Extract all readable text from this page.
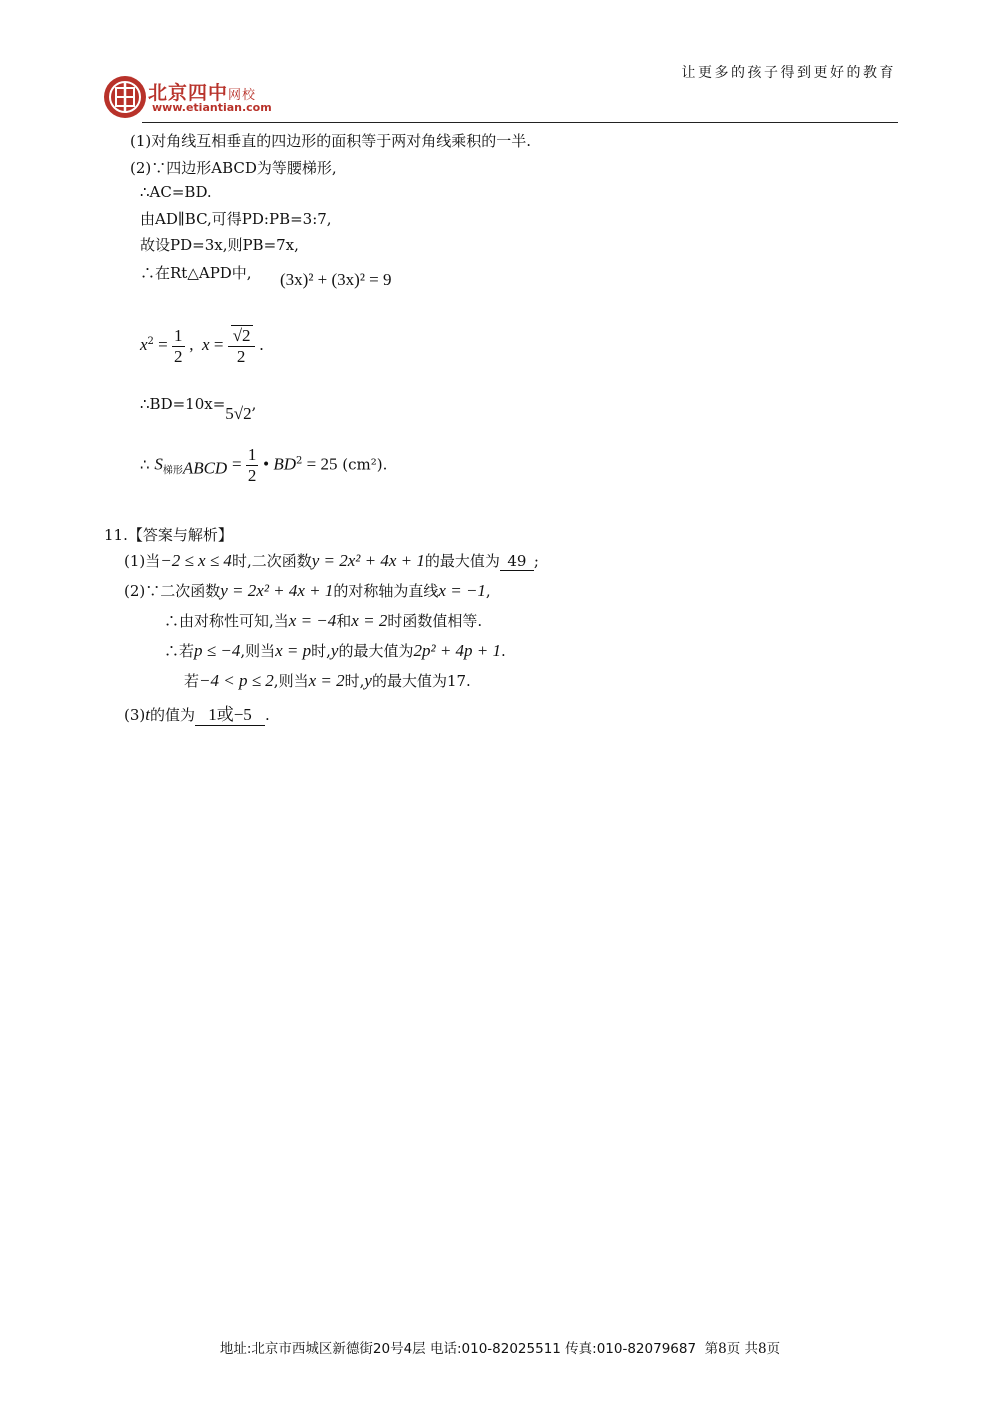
让更多的孩子得到更好的教育
北京四中网校
www.etiantian.com
(1)对角线互相垂直的四边形的面积等于两对角线乘积的一半.
(2)∵四边形ABCD为等腰梯形,
∴AC=BD.
由AD∥BC,可得PD:PB=3:7,
故设PD=3x,则PB=7x,
∴在Rt△APD中, (3x)² + (3x)² = 9
$x^2 = \frac{1}{2}$ ,  $x = \frac{√2}{2}$ .
∴BD=10x=5√2,
∴ $S_{梯形ABCD} = \frac{1}{2}$ • $BD^2 = 25$ (cm²).
11.【答案与解析】
(1)当−2 ≤ x ≤ 4时,二次函数y = 2x² + 4x + 1的最大值为 49 ;
(2)∵二次函数y = 2x² + 4x + 1的对称轴为直线x = −1,
∴由对称性可知,当x = −4和x = 2时函数值相等.
∴若p ≤ −4,则当x = p时,y的最大值为2p² + 4p + 1.
若−4 < p ≤ 2,则当x = 2时,y的最大值为17.
(3)t的值为 1或−5 .
地址:北京市西城区新德街20号4层 电话:010-82025511 传真:010-82079687 第8页 共8页
